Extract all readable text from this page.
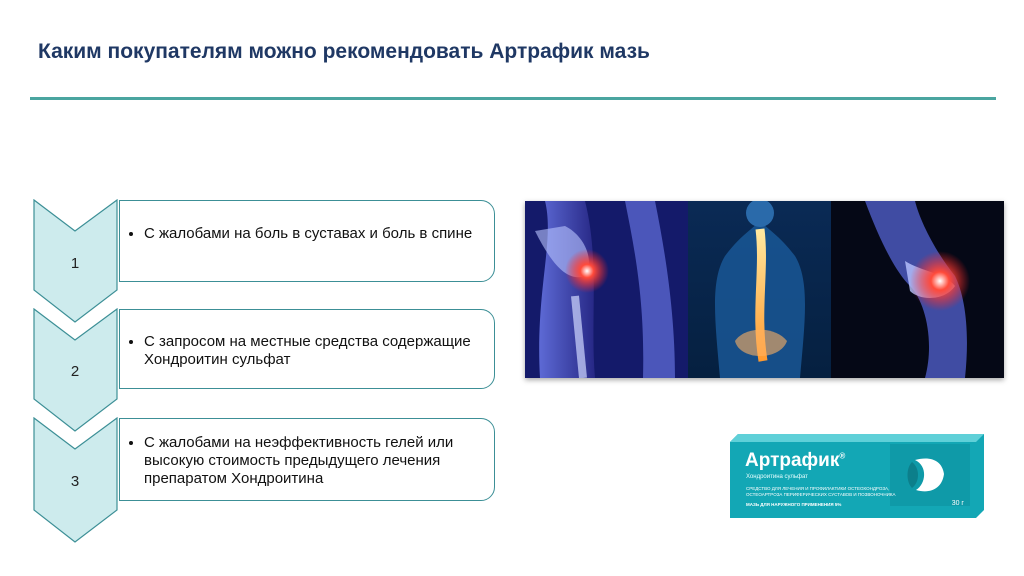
Каким покупателям можно рекомендовать Артрафик мазь
1
• С жалобами на боль в суставах и боль в спине
2
• С запросом на местные средства содержащие Хондроитин сульфат
3
• С жалобами на неэффективность гелей или высокую стоимость предыдущего лечения препаратом Хондроитина
Артрафик®
Хондроитина сульфат
СРЕДСТВО ДЛЯ ЛЕЧЕНИЯ И ПРОФИЛАКТИКИ ОСТЕОХОНДРОЗА, ОСТЕОАРТРОЗА ПЕРИФЕРИЧЕСКИХ СУСТАВОВ И ПОЗВОНОЧНИКА
МАЗЬ ДЛЯ НАРУЖНОГО ПРИМЕНЕНИЯ 5%	30 г
